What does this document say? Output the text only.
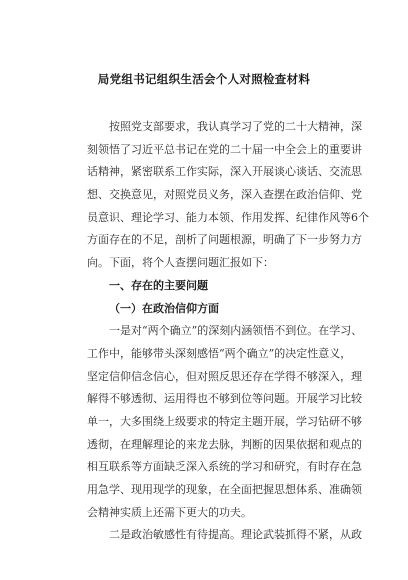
局党组书记组织生活会个人对照检查材料
按照党支部要求，我认真学习了党的二十大精神，深
刻领悟了习近平总书记在党的二十届一中全会上的重要讲
话精神，紧密联系工作实际，深入开展谈心谈话、交流思
想、交换意见，对照党员义务，深入查摆在政治信仰、党
员意识、理论学习、能力本领、作用发挥、纪律作风等6个
方面存在的不足，剖析了问题根源，明确了下一步努力方
向。下面，将个人查摆问题汇报如下：
一、存在的主要问题
（一）在政治信仰方面
一是对“两个确立”的深刻内涵领悟不到位。在学习、
工作中，能够带头深刻感悟“两个确立”的决定性意义，
坚定信仰信念信心，但对照反思还存在学得不够深入，理
解得不够透彻、运用得也不够到位等问题。开展学习比较
单一，大多围绕上级要求的特定主题开展，学习钻研不够
透彻，在理解理论的来龙去脉，判断的因果依据和观点的
相互联系等方面缺乏深入系统的学习和研究，有时存在急
用急学、现用现学的现象，在全面把握思想体系、准确领
会精神实质上还需下更大的功夫。
二是政治敏感性有待提高。理论武装抓得不紧，从政
